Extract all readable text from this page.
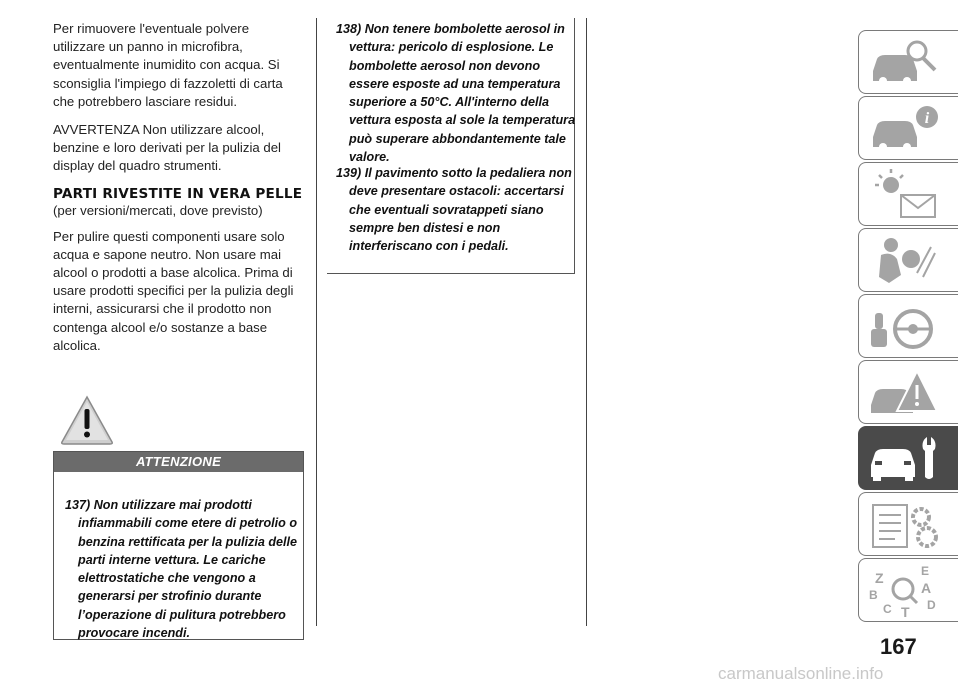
Per rimuovere l'eventuale polvere utilizzare un panno in microfibra, eventualmente inumidito con acqua. Si sconsiglia l'impiego di fazzoletti di carta che potrebbero lasciare residui.

AVVERTENZA Non utilizzare alcool, benzine e loro derivati per la pulizia del display del quadro strumenti.

PARTI RIVESTITE IN VERA PELLE
(per versioni/mercati, dove previsto)

Per pulire questi componenti usare solo acqua e sapone neutro. Non usare mai alcool o prodotti a base alcolica. Prima di usare prodotti specifici per la pulizia degli interni, assicurarsi che il prodotto non contenga alcool e/o sostanze a base alcolica.

ATTENZIONE
137) Non utilizzare mai prodotti infiammabili come etere di petrolio o benzina rettificata per la pulizia delle parti interne vettura. Le cariche elettrostatiche che vengono a generarsi per strofinio durante l’operazione di pulitura potrebbero provocare incendi.
138) Non tenere bombolette aerosol in vettura: pericolo di esplosione. Le bombolette aerosol non devono essere esposte ad una temperatura superiore a 50°C. All'interno della vettura esposta al sole la temperatura può superare abbondantemente tale valore.
139) Il pavimento sotto la pedaliera non deve presentare ostacoli: accertarsi che eventuali sovratappeti siano sempre ben distesi e non interferiscano con i pedali.
i
Z	E
A
B
D
C T
167
carmanualsonline.info
